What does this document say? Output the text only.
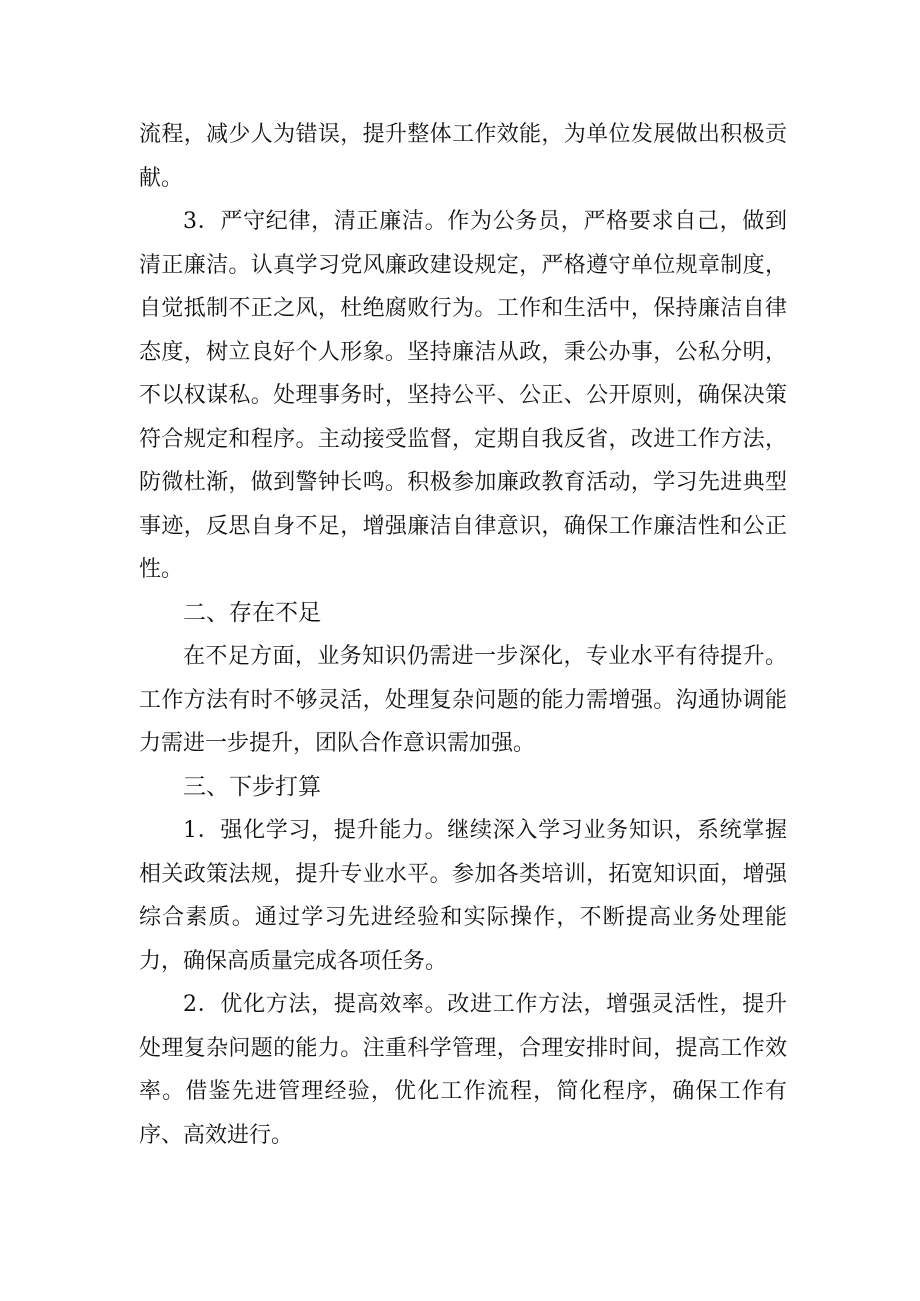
流程，减少人为错误，提升整体工作效能，为单位发展做出积极贡献。

3．严守纪律，清正廉洁。作为公务员，严格要求自己，做到清正廉洁。认真学习党风廉政建设规定，严格遵守单位规章制度，自觉抵制不正之风，杜绝腐败行为。工作和生活中，保持廉洁自律态度，树立良好个人形象。坚持廉洁从政，秉公办事，公私分明，不以权谋私。处理事务时，坚持公平、公正、公开原则，确保决策符合规定和程序。主动接受监督，定期自我反省，改进工作方法，防微杜渐，做到警钟长鸣。积极参加廉政教育活动，学习先进典型事迹，反思自身不足，增强廉洁自律意识，确保工作廉洁性和公正性。

二、存在不足

在不足方面，业务知识仍需进一步深化，专业水平有待提升。工作方法有时不够灵活，处理复杂问题的能力需增强。沟通协调能力需进一步提升，团队合作意识需加强。

三、下步打算

1．强化学习，提升能力。继续深入学习业务知识，系统掌握相关政策法规，提升专业水平。参加各类培训，拓宽知识面，增强综合素质。通过学习先进经验和实际操作，不断提高业务处理能力，确保高质量完成各项任务。

2．优化方法，提高效率。改进工作方法，增强灵活性，提升处理复杂问题的能力。注重科学管理，合理安排时间，提高工作效率。借鉴先进管理经验，优化工作流程，简化程序，确保工作有序、高效进行。
